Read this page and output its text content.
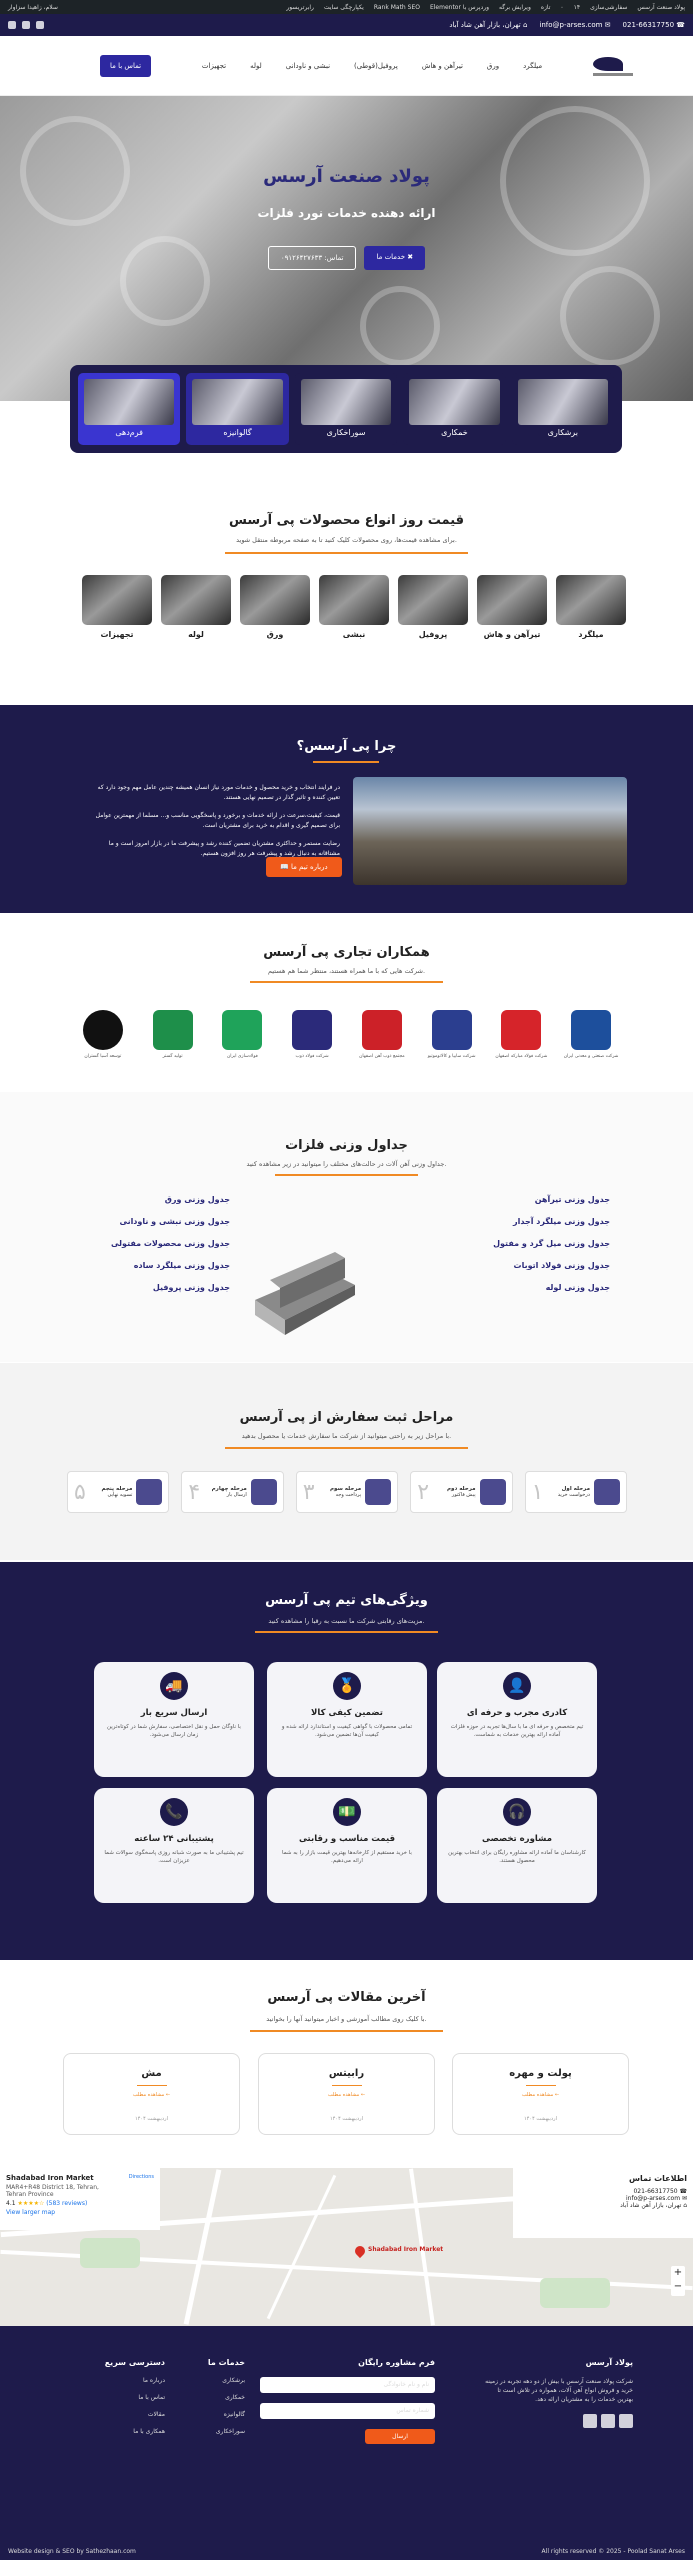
سلام، زاهیدا سزاوار	پولاد صنعت آرسس
سفارشی‌سازی
۱۴
۰
تازه
ویرایش برگه
وردپرس با Elementor
Rank Math SEO
یکپارچگی سایت
رابرتریسور
☎ 021-66317750
✉ info@p-arses.com
⌂ تهران، بازار آهن شاد آباد
تماس با ما	میلگرد
ورق
تیرآهن و هاش
پروفیل(قوطی)
نبشی و ناودانی
لوله
تجهیزات
پولاد صنعت آرسس
ارائه دهنده خدمات نورد فلزات
✖ خدمات ما
تماس: ۰۹۱۲۶۴۲۷۶۳۳
برشکاری
خمکاری
سوراخکاری
گالوانیزه
فرم‌دهی
قیمت روز انواع محصولات پی آرسس
برای مشاهده قیمت‌ها، روی محصولات کلیک کنید تا به صفحه مربوطه منتقل شوید.
میلگرد
تیرآهن و هاش
پروفیل
نبشی
ورق
لوله
تجهیزات
چرا پی آرسس؟

در فرایند انتخاب و خرید محصول و خدمات مورد نیاز انسان همیشه چندین عامل مهم وجود دارد که تعیین کننده و تاثیر گذار در تصمیم نهایی هستند.

قیمت، کیفیت،سرعت در ارائه خدمات و برخورد و پاسخگویی مناسب و... مسلما از مهمترین عوامل برای تصمیم گیری و اقدام به خرید برای مشتریان است.

رضایت مستمر و حداکثری مشتریان تضمین کننده رشد و پیشرفت ما در بازار امروز است و ما مشتاقانه به دنبال رشد و پیشرفت هر روز افزون هستیم.

📖 درباره تیم ما
همکاران تجاری پی آرسس
شرکت هایی که با ما همراه هستند، منتظر شما هم هستیم.
شرکت صنعتی و معدنی ایران
شرکت فولاد مبارکه اصفهان
شرکت سایپا و کالاتوموتیو
مجتمع ذوب آهن اصفهان
شرکت فولاد ذوب
فولادسازی ایران
تولید گستر
توسعه آسیا گستران
جداول وزنی فلزات
جداول وزنی آهن آلات در حالت‌های مختلف را میتوانید در زیر مشاهده کنید.
جدول وزنی تیرآهن
جدول وزنی میلگرد آجدار
جدول وزنی میل گرد و مفتول
جدول وزنی فولاد اتوبات
جدول وزنی لوله
جدول وزنی ورق
جدول وزنی نبشی و ناودانی
جدول وزنی محصولات مفتولی
جدول وزنی میلگرد ساده
جدول وزنی پروفیل
مراحل ثبت سفارش از پی آرسس
با مراحل زیر به راحتی میتوانید از شرکت ما سفارش خدمات یا محصول بدهید.
مرحله اول
درخواست خرید
۱
مرحله دوم
پیش فاکتور
۲
مرحله سوم
پرداخت وجه
۳
مرحله چهارم
ارسال بار
۴
مرحله پنجم
تسویه نهایی
۵
ویژگی‌های تیم پی آرسس
مزیت‌های رقابتی شرکت ما نسبت به رقبا را مشاهده کنید.
👤
کادری مجرب و حرفه ای
تیم متخصص و حرفه ای ما با سال‌ها تجربه در حوزه فلزات آماده ارائه بهترین خدمات به شماست.
🏅
تضمین کیفی کالا
تمامی محصولات با گواهی کیفیت و استاندارد ارائه شده و کیفیت آن‌ها تضمین می‌شود.
🚚
ارسال سریع بار
با ناوگان حمل و نقل اختصاصی، سفارش شما در کوتاه‌ترین زمان ارسال می‌شود.
🎧
مشاوره تخصصی
کارشناسان ما آماده ارائه مشاوره رایگان برای انتخاب بهترین محصول هستند.
💵
قیمت مناسب و رقابتی
با خرید مستقیم از کارخانه‌ها بهترین قیمت بازار را به شما ارائه می‌دهیم.
📞
پشتیبانی ۲۴ ساعته
تیم پشتیبانی ما به صورت شبانه روزی پاسخگوی سوالات شما عزیزان است.
آخرین مقالات پی آرسس
با کلیک روی مطالب آموزشی و اخبار میتوانید آنها را بخوانید.
پولت و مهره
مشاهده مطلب ←
اردیبهشت ۱۴۰۴
رابیتس
مشاهده مطلب ←
اردیبهشت ۱۴۰۴
مش
مشاهده مطلب ←
اردیبهشت ۱۴۰۴
Shadabad Iron Market
+
−
Shadabad Iron Market
MAR4+R48 District 18, Tehran, Tehran Province
4.1 ★★★★☆ (583 reviews)
View larger map
Directions	اطلاعات تماس
☎ 021-66317750
✉ info@p-arses.com
⌂ تهران، بازار آهن شاد آباد
پولاد آرسس
شرکت پولاد صنعت آرسس با بیش از دو دهه تجربه در زمینه خرید و فروش انواع آهن آلات، همواره در تلاش است تا بهترین خدمات را به مشتریان ارائه دهد.
فرم مشاوره رایگان
نام و نام خانوادگی
شماره تماس
ارسال
خدمات ما
برشکاری
خمکاری
گالوانیزه
سوراخکاری
دسترسی سریع
درباره ما
تماس با ما
مقالات
همکاری با ما
Website design & SEO by Sathezhaan.com	All rights reserved © 2025 - Poolad Sanat Arses
